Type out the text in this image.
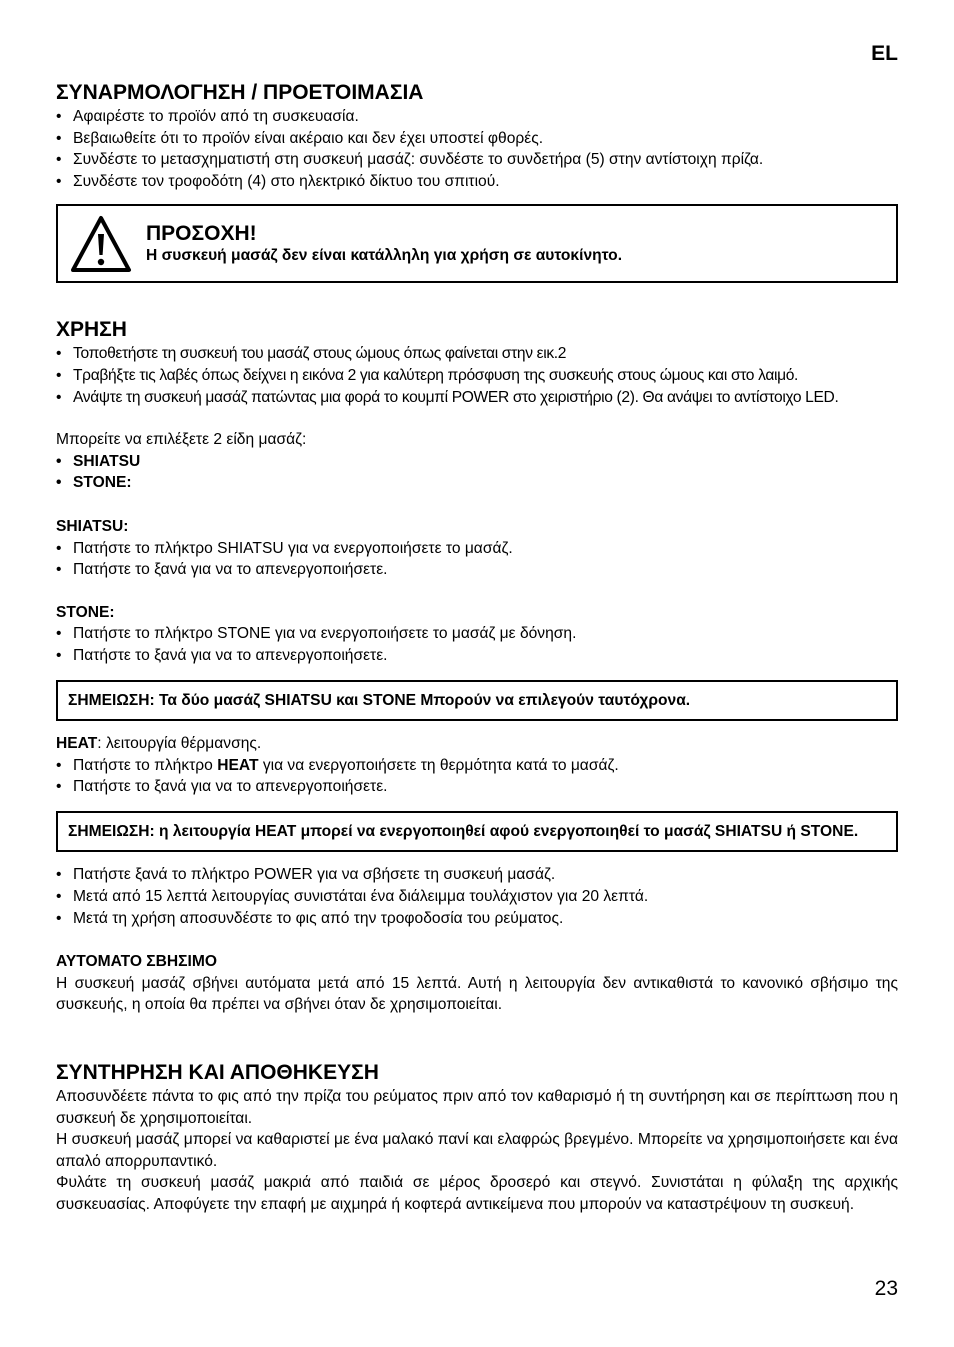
EL
ΣΥΝΑΡΜΟΛΟΓΗΣΗ / ΠΡΟΕΤΟΙΜΑΣΙΑ
• Αφαιρέστε το προϊόν από τη συσκευασία.
• Βεβαιωθείτε ότι το προϊόν είναι ακέραιο και δεν έχει υποστεί φθορές.
• Συνδέστε το μετασχηματιστή στη συσκευή μασάζ: συνδέστε το συνδετήρα (5) στην αντίστοιχη πρίζα.
• Συνδέστε τον τροφοδότη (4) στο ηλεκτρικό δίκτυο του σπιτιού.
ΠΡΟΣΟΧΗ!
Η συσκευή μασάζ δεν είναι κατάλληλη για χρήση σε αυτοκίνητο.
ΧΡΗΣΗ
• Τοποθετήστε τη συσκευή του μασάζ στους ώμους όπως φαίνεται στην εικ.2
• Τραβήξτε τις λαβές όπως δείχνει η εικόνα 2 για καλύτερη πρόσφυση της συσκευής στους ώμους και στο λαιμό.
• Ανάψτε τη συσκευή μασάζ πατώντας μια φορά το κουμπί POWER στο χειριστήριο (2). Θα ανάψει το αντίστοιχο LED.

Μπορείτε να επιλέξετε 2 είδη μασάζ:

• SHIATSU
• STONE:
SHIATSU:
• Πατήστε το πλήκτρο SHIATSU για να ενεργοποιήσετε το μασάζ.
• Πατήστε το ξανά για να το απενεργοποιήσετε.
STONE:
• Πατήστε το πλήκτρο STONE για να ενεργοποιήσετε το μασάζ με δόνηση.
• Πατήστε το ξανά για να το απενεργοποιήσετε.
ΣΗΜΕΙΩΣΗ: Τα δύο μασάζ SHIATSU και STONE Μπορούν να επιλεγούν ταυτόχρονα.

HEAT: λειτουργία θέρμανσης.

• Πατήστε το πλήκτρο HEAT για να ενεργοποιήσετε τη θερμότητα κατά το μασάζ.
• Πατήστε το ξανά για να το απενεργοποιήσετε.
ΣΗΜΕΙΩΣΗ: η λειτουργία HEAT μπορεί να ενεργοποιηθεί αφού ενεργοποιηθεί το μασάζ SHIATSU ή STONE.
• Πατήστε ξανά το πλήκτρο POWER για να σβήσετε τη συσκευή μασάζ.
• Μετά από 15 λεπτά λειτουργίας συνιστάται ένα διάλειμμα τουλάχιστον για 20 λεπτά.
• Μετά τη χρήση αποσυνδέστε το φις από την τροφοδοσία του ρεύματος.
ΑΥΤΟΜΑΤΟ ΣΒΗΣΙΜΟ

Η συσκευή μασάζ σβήνει αυτόματα μετά από 15 λεπτά. Αυτή η λειτουργία δεν αντικαθιστά το κανονικό σβήσιμο της συσκευής, η οποία θα πρέπει να σβήνει όταν δε χρησιμοποιείται.

ΣΥΝΤΗΡΗΣΗ ΚΑΙ ΑΠΟΘΗΚΕΥΣΗ

Αποσυνδέετε πάντα το φις από την πρίζα του ρεύματος πριν από τον καθαρισμό ή τη συντήρηση και σε περίπτωση που η συσκευή δε χρησιμοποιείται.

Η συσκευή μασάζ μπορεί να καθαριστεί με ένα μαλακό πανί και ελαφρώς βρεγμένο. Μπορείτε να χρησιμοποιήσετε και ένα απαλό απορρυπαντικό.

Φυλάτε τη συσκευή μασάζ μακριά από παιδιά σε μέρος δροσερό και στεγνό. Συνιστάται η φύλαξη της αρχικής συσκευασίας. Αποφύγετε την επαφή με αιχμηρά ή κοφτερά αντικείμενα που μπορούν να καταστρέψουν τη συσκευή.

23
